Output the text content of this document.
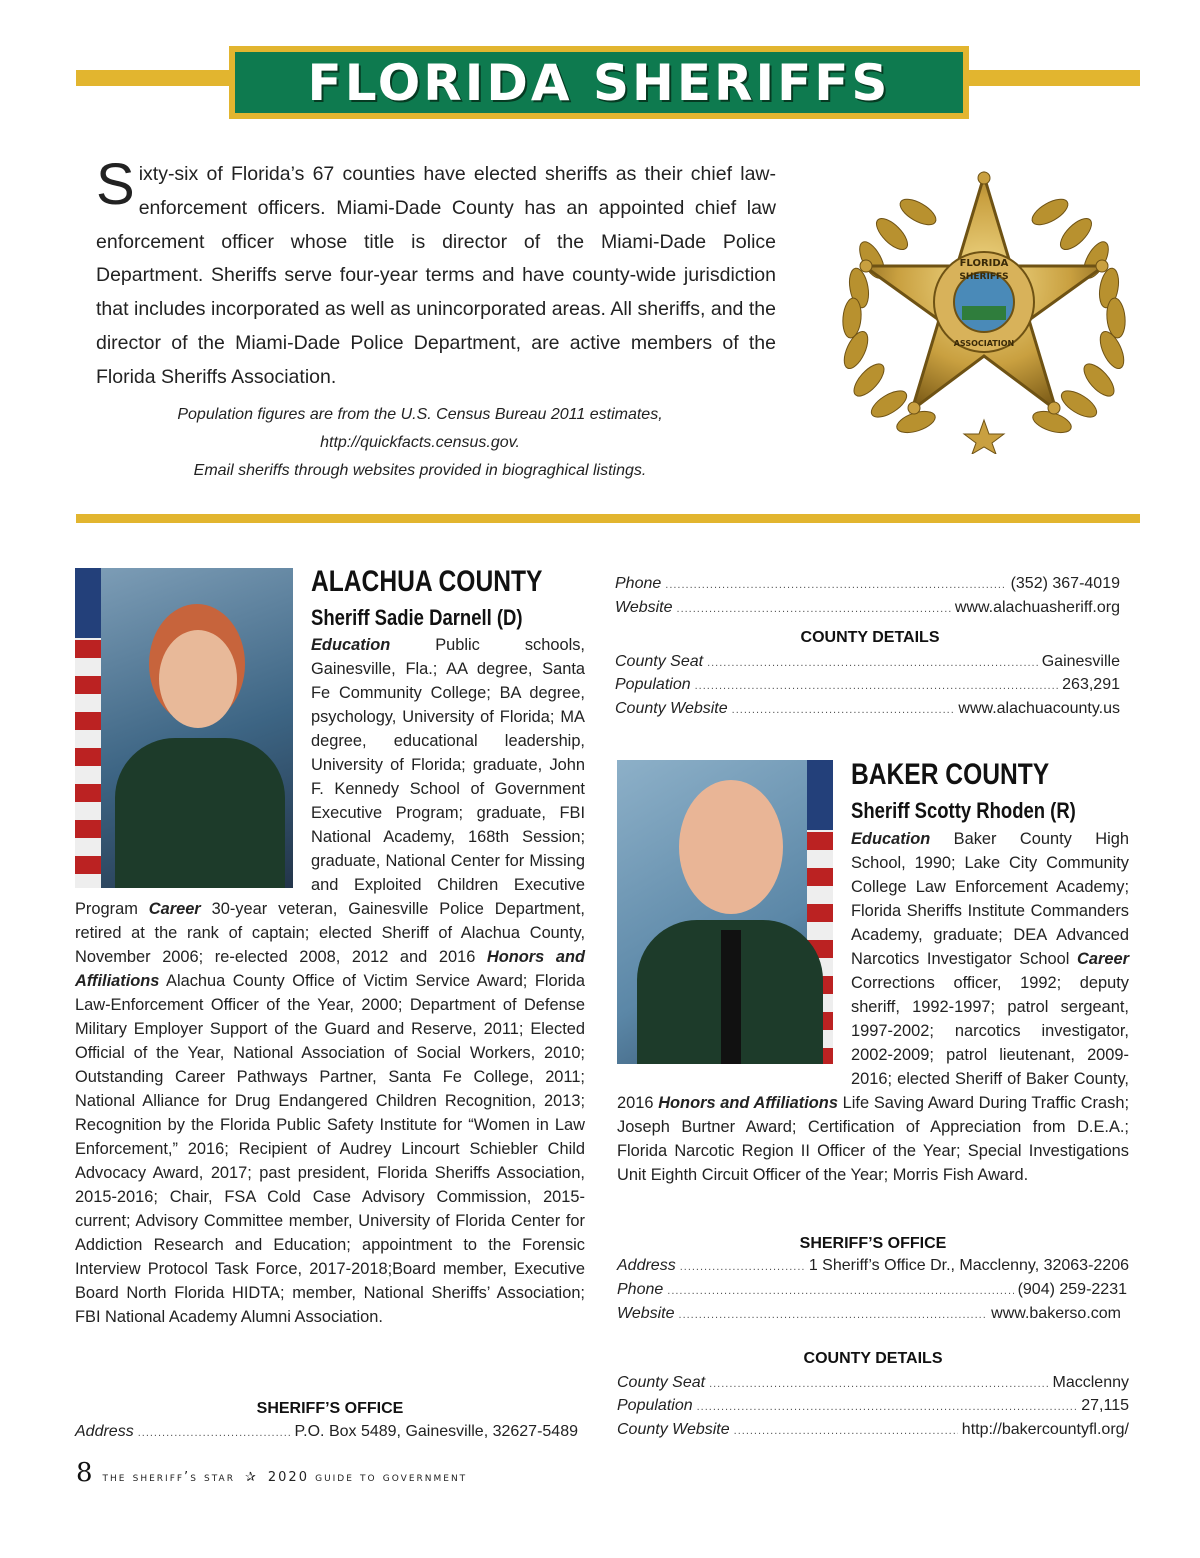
FLORIDA SHERIFFS
Sixty-six of Florida’s 67 counties have elected sheriffs as their chief law-enforcement officers. Miami-Dade County has an appointed chief law enforcement officer whose title is director of the Miami-Dade Police Department. Sheriffs serve four-year terms and have county-wide jurisdiction that includes incorporated as well as unincorporated areas. All sheriffs, and the director of the Miami-Dade Police Department, are active members of the Florida Sheriffs Association.
Population figures are from the U.S. Census Bureau 2011 estimates,
http://quickfacts.census.gov.
Email sheriffs through websites provided in biograghical listings.
FLORIDA
SHERIFFS
ASSOCIATION
ALACHUA COUNTY
Sheriff Sadie Darnell (D)
Education Public schools, Gainesville, Fla.; AA degree, Santa Fe Community College; BA degree, psychology, University of Florida; MA degree, educational leadership, University of Florida; graduate, John F. Kennedy School of Government Executive Program; graduate, FBI National Academy, 168th Session; graduate, National Center for Missing and Exploited Children Executive Program Career 30-year veteran, Gainesville Police Department, retired at the rank of captain; elected Sheriff of Alachua County, November 2006; re-elected 2008, 2012 and 2016 Honors and Affiliations Alachua County Office of Victim Service Award; Florida Law-Enforcement Officer of the Year, 2000; Department of Defense Military Employer Support of the Guard and Reserve, 2011; Elected Official of the Year, National Association of Social Workers, 2010; Outstanding Career Pathways Partner, Santa Fe College, 2011; National Alliance for Drug Endangered Children Recognition, 2013; Recognition by the Florida Public Safety Institute for “Women in Law Enforcement,” 2016; Recipient of Audrey Lincourt Schiebler Child Advocacy Award, 2017; past president, Florida Sheriffs Association, 2015-2016; Chair, FSA Cold Case Advisory Commission, 2015-current; Advisory Committee member, University of Florida Center for Addiction Research and Education; appointment to the Forensic Interview Protocol Task Force, 2017-2018;Board member, Executive Board North Florida HIDTA; member, National Sheriffs’ Association; FBI National Academy Alumni Association.
SHERIFF’S OFFICE
Address .....	P.O. Box 5489, Gainesville, 32627-5489
Phone .....	(352) 367-4019
Website .....	www.alachuasheriff.org
COUNTY DETAILS
County Seat .....	Gainesville
Population .....	263,291
County Website .....	www.alachuacounty.us
BAKER COUNTY
Sheriff Scotty Rhoden (R)
Education Baker County High School, 1990; Lake City Community College Law Enforcement Academy; Florida Sheriffs Institute Commanders Academy, graduate; DEA Advanced Narcotics Investigator School Career Corrections officer, 1992; deputy sheriff, 1992-1997; patrol sergeant, 1997-2002; narcotics investigator, 2002-2009; patrol lieutenant, 2009-2016; elected Sheriff of Baker County, 2016 Honors and Affiliations Life Saving Award During Traffic Crash; Joseph Burtner Award; Certification of Appreciation from D.E.A.; Florida Narcotic Region II Officer of the Year; Special Investigations Unit Eighth Circuit Officer of the Year; Morris Fish Award.
SHERIFF’S OFFICE
Address .....	1 Sheriff’s Office Dr., Macclenny, 32063-2206
Phone .....	(904) 259-2231
Website .....	www.bakerso.com
COUNTY DETAILS
County Seat .....	Macclenny
Population .....	27,115
County Website .....	http://bakercountyfl.org/
8 the sheriff’s star ✰ 2020 guide to government
